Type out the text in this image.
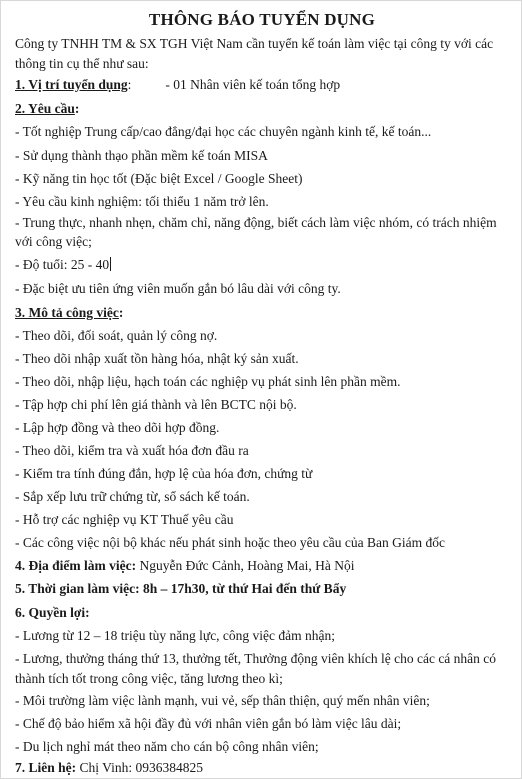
THÔNG BÁO TUYỂN DỤNG
Công ty TNHH TM & SX TGH Việt Nam cần tuyển kế toán làm việc tại công ty với các
thông tin cụ thể như sau:
1. Vị trí tuyển dụng:	- 01 Nhân viên kế toán tổng hợp
2. Yêu cầu:
- Tốt nghiệp Trung cấp/cao đẳng/đại học các chuyên ngành kinh tế, kế toán...
- Sử dụng thành thạo phần mềm kế toán MISA
- Kỹ năng tin học tốt (Đặc biệt Excel / Google Sheet)
- Yêu cầu kinh nghiệm: tối thiểu 1 năm trở lên.
- Trung thực, nhanh nhẹn, chăm chỉ, năng động, biết cách làm việc nhóm, có trách nhiệm
với công việc;
- Độ tuổi: 25 - 40
- Đặc biệt ưu tiên ứng viên muốn gắn bó lâu dài với công ty.
3. Mô tả công việc:
- Theo dõi, đối soát, quản lý công nợ.
- Theo dõi nhập xuất tồn hàng hóa, nhật ký sản xuất.
- Theo dõi, nhập liệu, hạch toán các nghiệp vụ phát sinh lên phần mềm.
- Tập hợp chi phí lên giá thành và lên BCTC nội bộ.
- Lập hợp đồng và theo dõi hợp đồng.
- Theo dõi, kiểm tra và xuất hóa đơn đầu ra
- Kiểm tra tính đúng đắn, hợp lệ của hóa đơn, chứng từ
- Sắp xếp lưu trữ chứng từ, sổ sách kế toán.
- Hỗ trợ các nghiệp vụ KT Thuế yêu cầu
- Các công việc nội bộ khác nếu phát sinh hoặc theo yêu cầu của Ban Giám đốc
4. Địa điểm làm việc: Nguyễn Đức Cảnh, Hoàng Mai, Hà Nội
5. Thời gian làm việc: 8h – 17h30, từ thứ Hai đến thứ Bẩy
6. Quyền lợi:
- Lương từ 12 – 18 triệu tùy năng lực, công việc đảm nhận;
- Lương, thưởng tháng thứ 13, thưởng tết, Thưởng động viên khích lệ cho các cá nhân có
thành tích tốt trong công việc, tăng lương theo kì;
- Môi trường làm việc lành mạnh, vui vẻ, sếp thân thiện, quý mến nhân viên;
- Chế độ bảo hiểm xã hội đầy đủ với nhân viên gắn bó làm việc lâu dài;
- Du lịch nghỉ mát theo năm cho cán bộ công nhân viên;
7. Liên hệ: Chị Vinh: 0936384825
